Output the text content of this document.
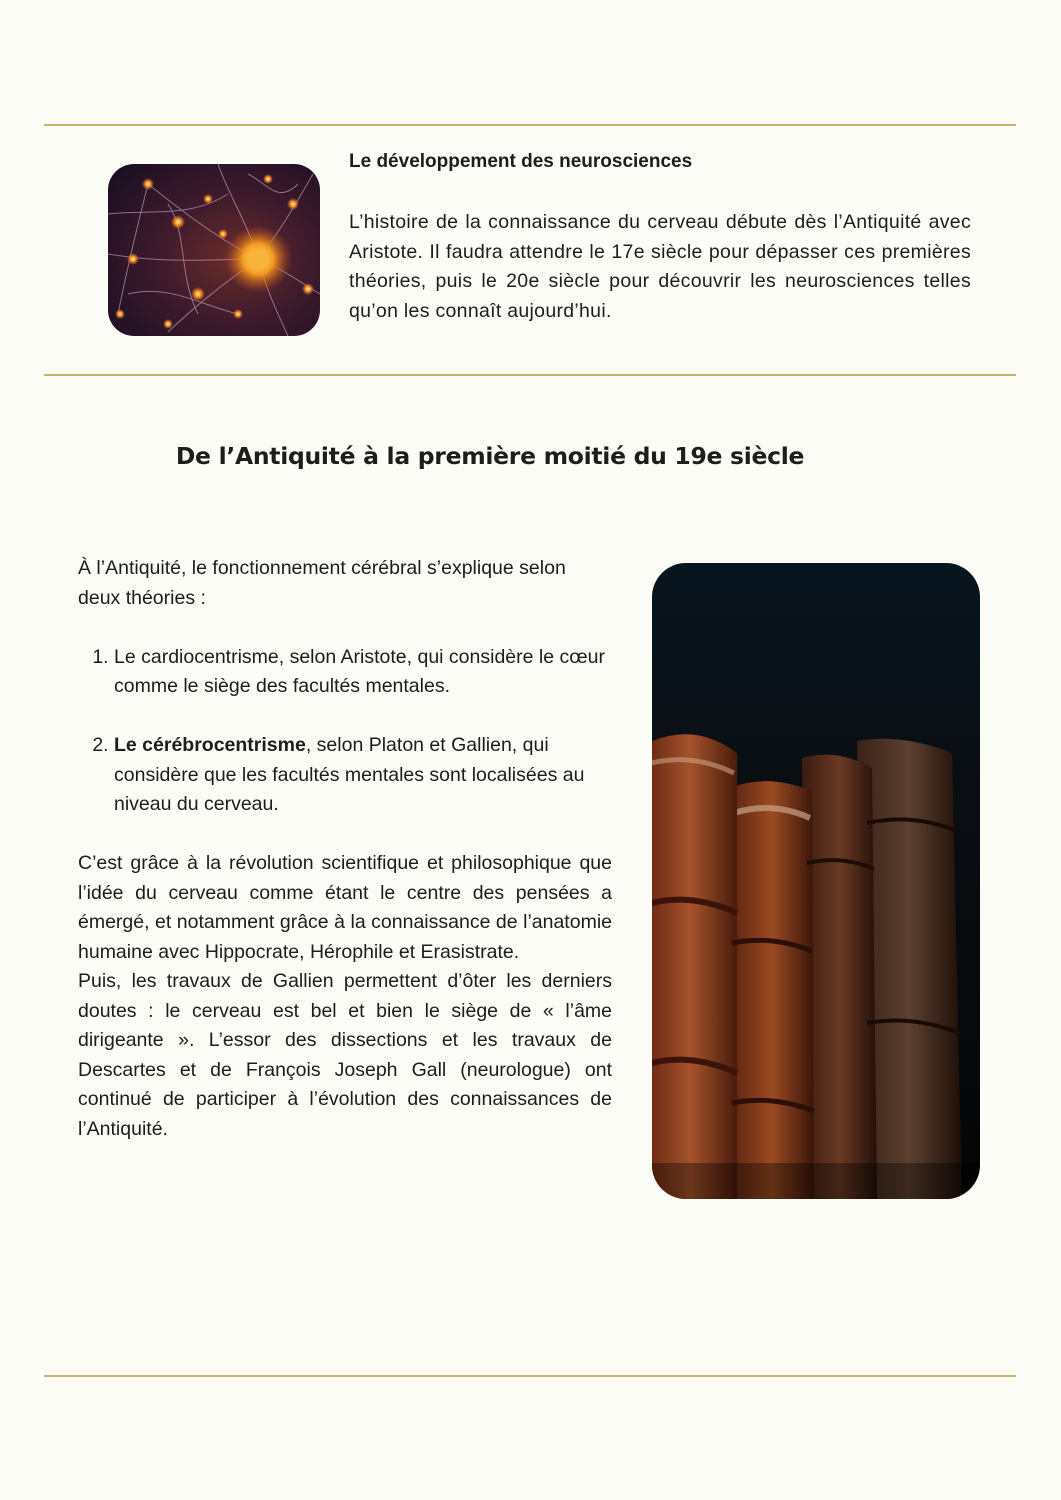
Le développement des neurosciences

L’histoire de la connaissance du cerveau débute dès l’Antiquité avec Aristote. Il faudra attendre le 17e siècle pour dépasser ces premières théories, puis le 20e siècle pour découvrir les neurosciences telles qu’on les connaît aujourd’hui.

De l’Antiquité à la première moitié du 19e siècle

À l’Antiquité, le fonctionnement cérébral s’explique selon deux théories :

1. Le cardiocentrisme, selon Aristote, qui considère le cœur comme le siège des facultés mentales.
2. Le cérébrocentrisme, selon Platon et Gallien, qui considère que les facultés mentales sont localisées au niveau du cerveau.

C’est grâce à la révolution scientifique et philosophique que l’idée du cerveau comme étant le centre des pensées a émergé, et notamment grâce à la connaissance de l’anatomie humaine avec Hippocrate, Hérophile et Erasistrate.

Puis, les travaux de Gallien permettent d’ôter les derniers doutes : le cerveau est bel et bien le siège de « l’âme dirigeante ». L’essor des dissections et les travaux de Descartes et de François Joseph Gall (neurologue) ont continué de participer à l’évolution des connaissances de l’Antiquité.
